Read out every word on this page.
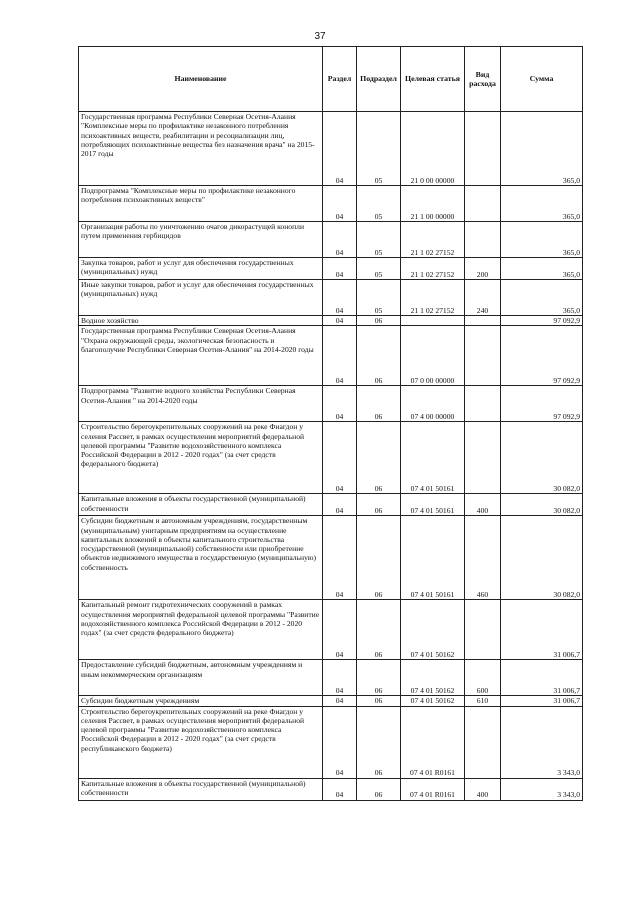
37
Наименование	Раздел	Подраздел	Целевая статья	Вид расхода	Сумма
Государственная программа Республики Северная Осетия-Алания "Комплексные меры по профилактике незаконного потребления психоактивных веществ, реабилитации и ресоциализации лиц, потребляющих психоактивные вещества без назначения врача" на 2015-2017 годы	04	05	21 0 00 00000		365,0
Подпрограмма "Комплексные меры по профилактике незаконного потребления психоактивных веществ"	04	05	21 1 00 00000		365,0
Организация работы по уничтожению очагов дикорастущей конопли путем применения гербицидов	04	05	21 1 02 27152		365,0
Закупка товаров, работ и услуг для обеспечения государственных (муниципальных) нужд	04	05	21 1 02 27152	200	365,0
Иные закупки товаров, работ и услуг для обеспечения государственных (муниципальных) нужд	04	05	21 1 02 27152	240	365,0
Водное хозяйство	04	06			97 092,9
Государственная программа Республики Северная Осетия-Алания "Охрана окружающей среды, экологическая безопасность и благополучие Республики Северная Осетия-Алания" на 2014-2020 годы	04	06	07 0 00 00000		97 092,9
Подпрограмма "Развитие водного хозяйства Республики Северная Осетия-Алания " на 2014-2020 годы	04	06	07 4 00 00000		97 092,9
Строительство берегоукрепительных сооружений на реке Фиагдон у селения Рассвет, в рамках осуществления мероприятий федеральной целевой программы "Развитие водохозяйственного комплекса Российской Федерации в 2012 - 2020 годах" (за счет средств федерального бюджета)	04	06	07 4 01 50161		30 082,0
Капитальные вложения в объекты государственной (муниципальной) собственности	04	06	07 4 01 50161	400	30 082,0
Субсидии бюджетным и автономным учреждениям, государственным (муниципальным) унитарным предприятиям на осуществление капитальных вложений в объекты капитального строительства государственной (муниципальной) собственности или приобретение объектов недвижимого имущества в государственную (муниципальную) собственность	04	06	07 4 01 50161	460	30 082,0
Капитальный ремонт гидротехнических сооружений в рамках осуществления мероприятий федеральной целевой программы "Развитие водохозяйственного комплекса Российской Федерации в 2012 - 2020 годах" (за счет средств федерального бюджета)	04	06	07 4 01 50162		31 006,7
Предоставление субсидий бюджетным, автономным учреждениям и иным некоммерческим организациям	04	06	07 4 01 50162	600	31 006,7
Субсидии бюджетным учреждениям	04	06	07 4 01 50162	610	31 006,7
Строительство берегоукрепительных сооружений на реке Фиагдон у селения Рассвет, в рамках осуществления мероприятий федеральной целевой программы "Развитие водохозяйственного комплекса Российской Федерации в 2012 - 2020 годах" (за счет средств республиканского бюджета)	04	06	07 4 01 R0161		3 343,0
Капитальные вложения в объекты государственной (муниципальной) собственности	04	06	07 4 01 R0161	400	3 343,0
